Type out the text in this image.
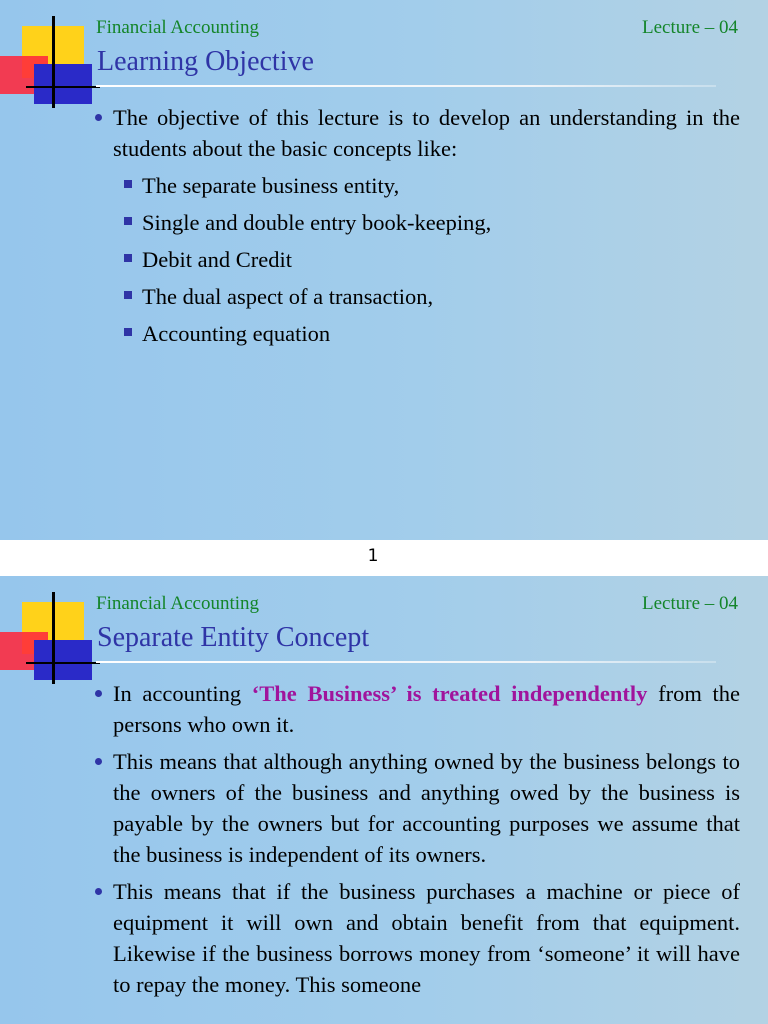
Financial Accounting	Lecture – 04
Learning Objective
The objective of this lecture is to develop an understanding in the students about the basic concepts like:
The separate business entity,
Single and double entry book-keeping,
Debit and Credit
The dual aspect of a transaction,
Accounting equation
1
Financial Accounting	Lecture – 04
Separate Entity Concept
In accounting ‘The Business’ is treated independently from the persons who own it.
This means that although anything owned by the business belongs to the owners of the business and anything owed by the business is payable by the owners but for accounting purposes we assume that the business is independent of its owners.
This means that if the business purchases a machine or piece of equipment it will own and obtain benefit from that equipment. Likewise if the business borrows money from ‘someone’ it will have to repay the money. This someone
